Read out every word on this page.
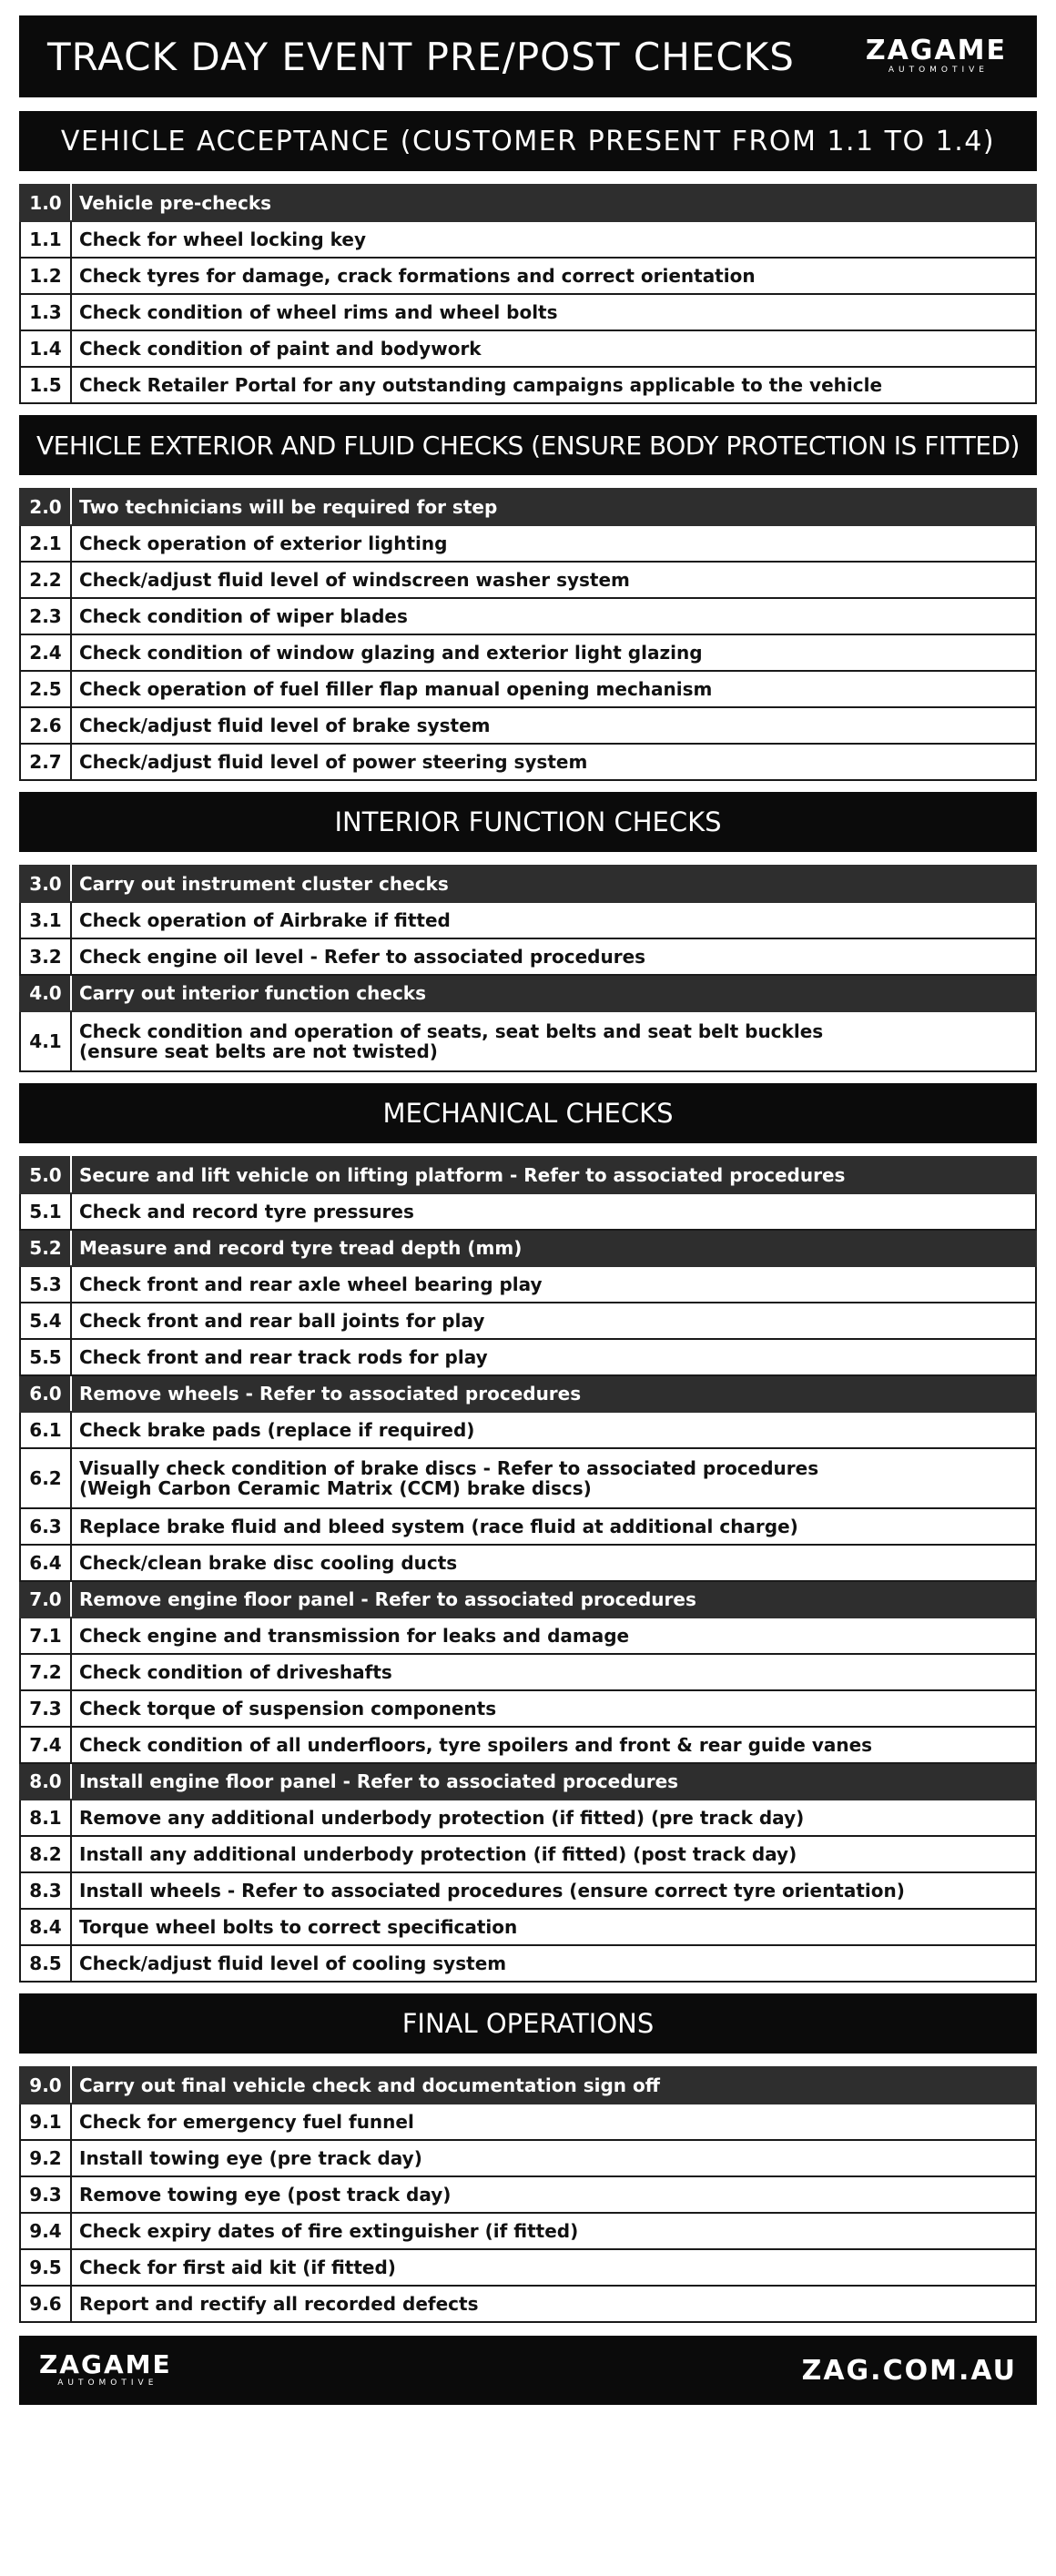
TRACK DAY EVENT PRE/POST CHECKS	ZAGAME
AUTOMOTIVE
VEHICLE ACCEPTANCE (CUSTOMER PRESENT FROM 1.1 TO 1.4)
1.0	Vehicle pre-checks
1.1	Check for wheel locking key
1.2	Check tyres for damage, crack formations and correct orientation
1.3	Check condition of wheel rims and wheel bolts
1.4	Check condition of paint and bodywork
1.5	Check Retailer Portal for any outstanding campaigns applicable to the vehicle
VEHICLE EXTERIOR AND FLUID CHECKS (ENSURE BODY PROTECTION IS FITTED)
2.0	Two technicians will be required for step
2.1	Check operation of exterior lighting
2.2	Check/adjust fluid level of windscreen washer system
2.3	Check condition of wiper blades
2.4	Check condition of window glazing and exterior light glazing
2.5	Check operation of fuel filler flap manual opening mechanism
2.6	Check/adjust fluid level of brake system
2.7	Check/adjust fluid level of power steering system
INTERIOR FUNCTION CHECKS
3.0	Carry out instrument cluster checks
3.1	Check operation of Airbrake if fitted
3.2	Check engine oil level - Refer to associated procedures
4.0	Carry out interior function checks
4.1	Check condition and operation of seats, seat belts and seat belt buckles
(ensure seat belts are not twisted)
MECHANICAL CHECKS
5.0	Secure and lift vehicle on lifting platform - Refer to associated procedures
5.1	Check and record tyre pressures
5.2	Measure and record tyre tread depth (mm)
5.3	Check front and rear axle wheel bearing play
5.4	Check front and rear ball joints for play
5.5	Check front and rear track rods for play
6.0	Remove wheels - Refer to associated procedures
6.1	Check brake pads (replace if required)
6.2	Visually check condition of brake discs - Refer to associated procedures
(Weigh Carbon Ceramic Matrix (CCM) brake discs)

6.3	Replace brake fluid and bleed system (race fluid at additional charge)
6.4	Check/clean brake disc cooling ducts
7.0	Remove engine floor panel - Refer to associated procedures
7.1	Check engine and transmission for leaks and damage
7.2	Check condition of driveshafts
7.3	Check torque of suspension components
7.4	Check condition of all underfloors, tyre spoilers and front & rear guide vanes
8.0	Install engine floor panel - Refer to associated procedures
8.1	Remove any additional underbody protection (if fitted) (pre track day)
8.2	Install any additional underbody protection (if fitted) (post track day)
8.3	Install wheels - Refer to associated procedures (ensure correct tyre orientation)
8.4	Torque wheel bolts to correct specification
8.5	Check/adjust fluid level of cooling system
FINAL OPERATIONS
9.0	Carry out final vehicle check and documentation sign off
9.1	Check for emergency fuel funnel
9.2	Install towing eye (pre track day)
9.3	Remove towing eye (post track day)
9.4	Check expiry dates of fire extinguisher (if fitted)
9.5	Check for first aid kit (if fitted)
9.6	Report and rectify all recorded defects
ZAGAME
AUTOMOTIVE	ZAG.COM.AU
